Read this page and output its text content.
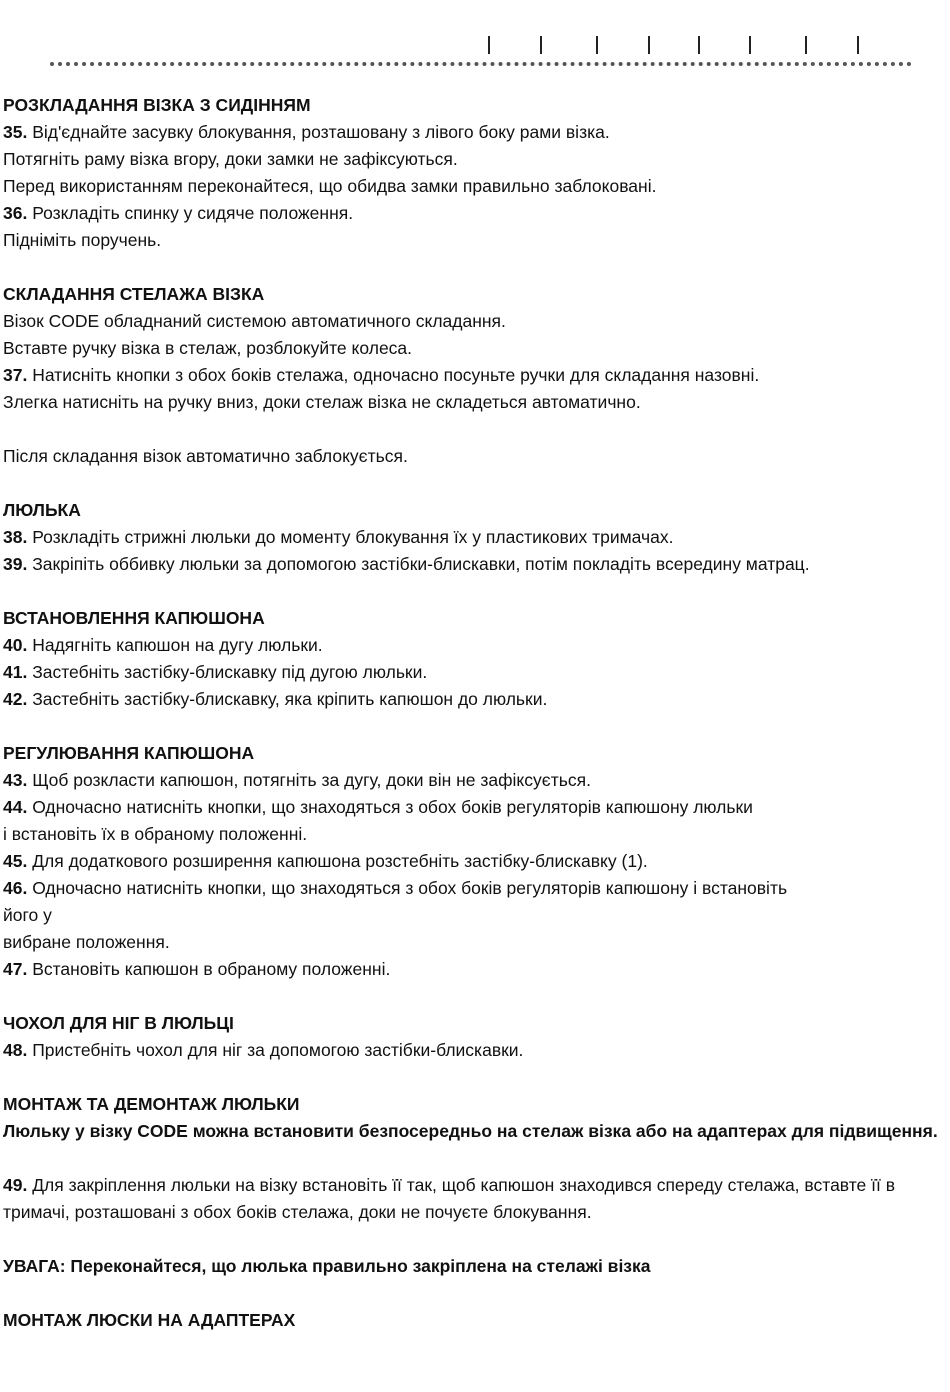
РОЗКЛАДАННЯ ВІЗКА З СИДІННЯМ
35. Від'єднайте засувку блокування, розташовану з лівого боку рами візка.
Потягніть раму візка вгору, доки замки не зафіксуються.
Перед використанням переконайтеся, що обидва замки правильно заблоковані.
36. Розкладіть спинку у сидяче положення.
Підніміть поручень.
СКЛАДАННЯ СТЕЛАЖА ВІЗКА
Візок CODE обладнаний системою автоматичного складання.
Вставте ручку візка в стелаж, розблокуйте колеса.
37. Натисніть кнопки з обох боків стелажа, одночасно посуньте ручки для складання назовні.
Злегка натисніть на ручку вниз, доки стелаж візка не складеться автоматично.
Після складання візок автоматично заблокується.
ЛЮЛЬКА
38. Розкладіть стрижні люльки до моменту блокування їх у пластикових тримачах.
39. Закріпіть оббивку люльки за допомогою застібки-блискавки, потім покладіть всередину матрац.
ВСТАНОВЛЕННЯ КАПЮШОНА
40. Надягніть капюшон на дугу люльки.
41. Застебніть застібку-блискавку під дугою люльки.
42. Застебніть застібку-блискавку, яка кріпить капюшон до люльки.
РЕГУЛЮВАННЯ КАПЮШОНА
43. Щоб розкласти капюшон, потягніть за дугу, доки він не зафіксується.
44. Одночасно натисніть кнопки, що знаходяться з обох боків регуляторів капюшону люльки
і встановіть їх в обраному положенні.
45. Для додаткового розширення капюшона розстебніть застібку-блискавку (1).
46. Одночасно натисніть кнопки, що знаходяться з обох боків регуляторів капюшону і встановіть
його у
вибране положення.
47. Встановіть капюшон в обраному положенні.
ЧОХОЛ ДЛЯ НІГ В ЛЮЛЬЦІ
48. Пристебніть чохол для ніг за допомогою застібки-блискавки.
МОНТАЖ ТА ДЕМОНТАЖ ЛЮЛЬКИ
Люльку у візку CODE можна встановити безпосередньо на стелаж візка або на адаптерах для підвищення.
49. Для закріплення люльки на візку встановіть її так, щоб капюшон знаходився спереду стелажа, вставте її в тримачі, розташовані з обох боків стелажа, доки не почуєте блокування.
УВАГА: Переконайтеся, що люлька правильно закріплена на стелажі візка
МОНТАЖ ЛЮСКИ НА АДАПТЕРАХ
